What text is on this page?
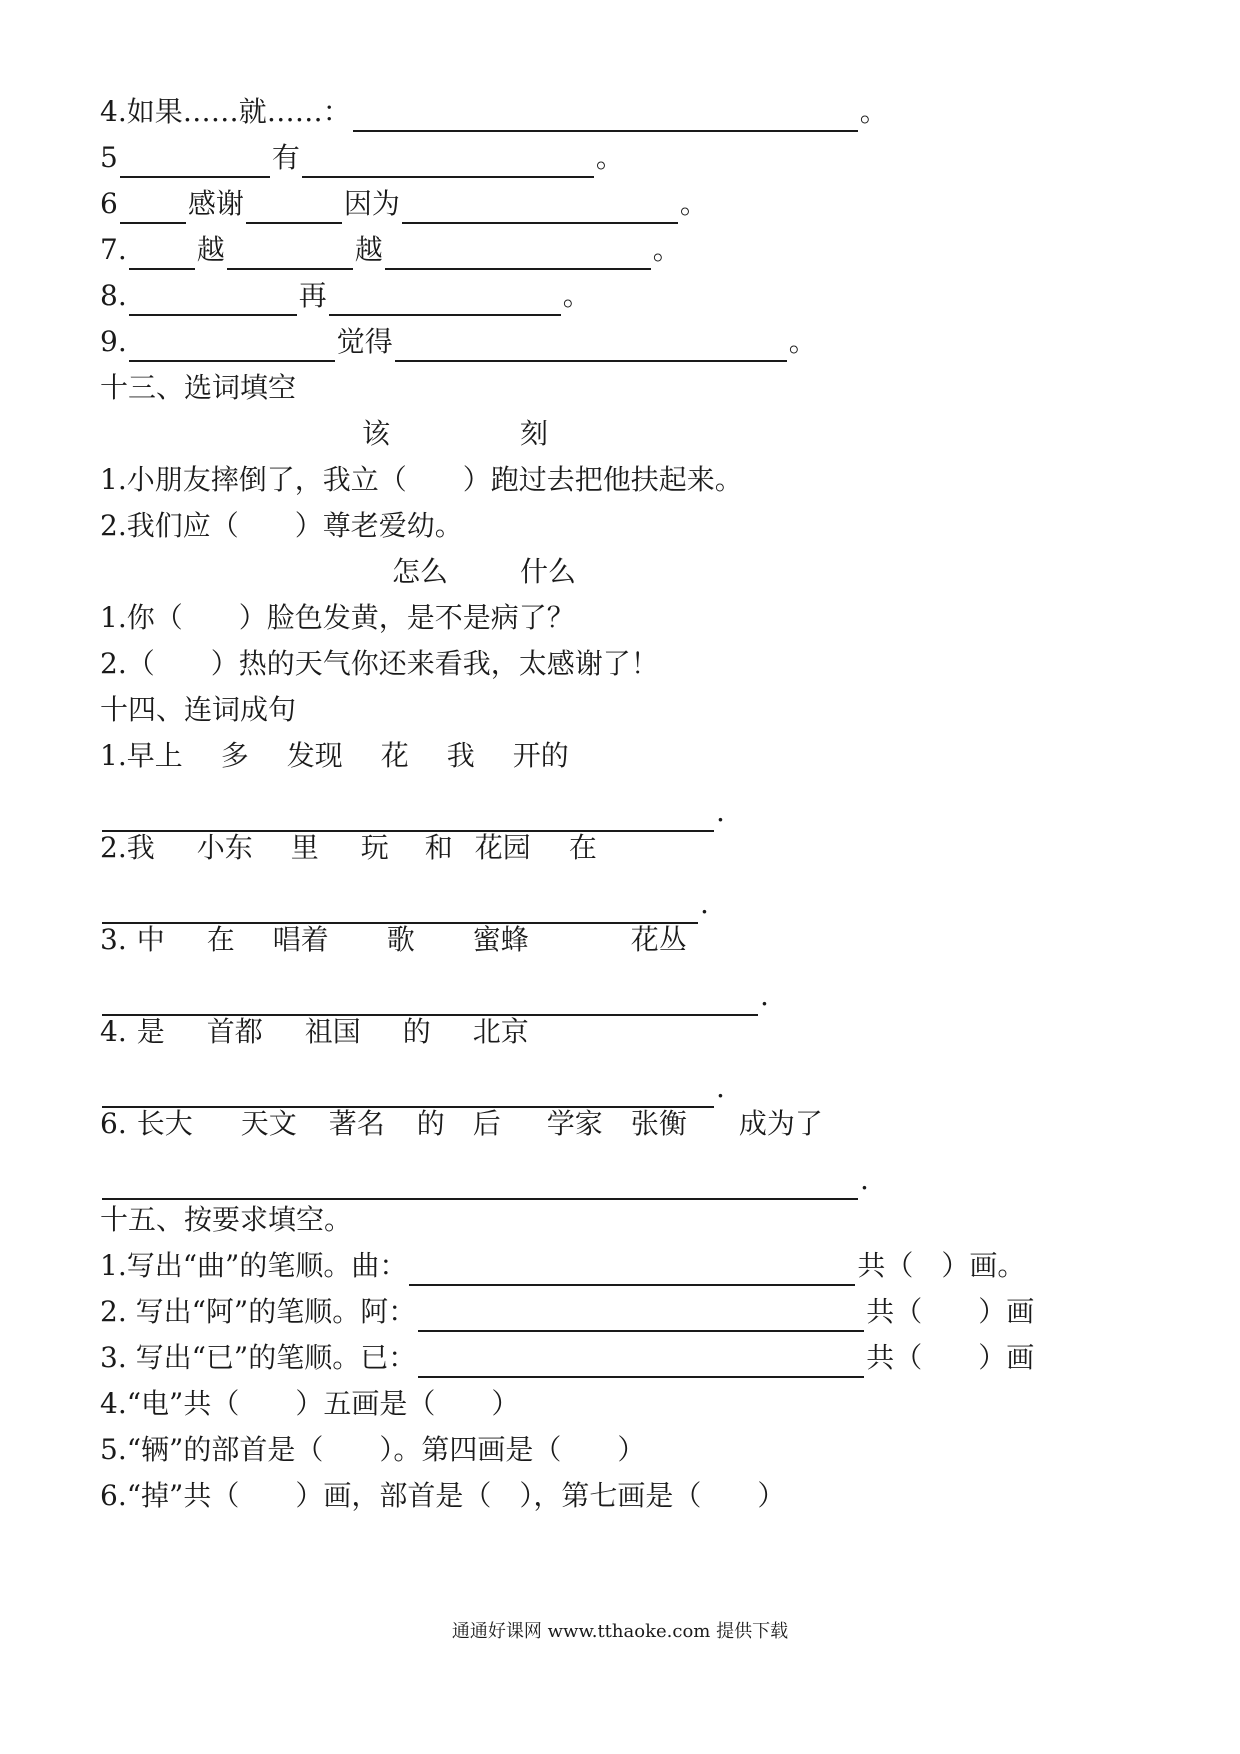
4.如果……就……：	。
5	有	。
6	感谢	因为	。
7.	越	越	。
8.	再	。
9.	觉得	。
十三、选词填空
该	刻
1.小朋友摔倒了，我立（　　）跑过去把他扶起来。
2.我们应（　　）尊老爱幼。
怎么	什么
1.你（　　）脸色发黄，是不是病了？
2.（　　）热的天气你还来看我，太感谢了！
十四、连词成句
1. 早上 多 发现 花 我 开的
.
2. 我 小东 里 玩 和 花园 在
.
3. 中 在 唱着 歌 蜜蜂	花丛
.
4. 是 首都 祖国 的 北京
.
6. 长大 天文 著名 的 后 学家 张衡 成为了
.
十五、按要求填空。
1.写出“曲”的笔顺。曲：	共（　）画。
2. 写出“阿”的笔顺。阿：	共（　　）画
3. 写出“已”的笔顺。已：	共（　　）画
4.“电”共（　　）五画是（　　）
5.“辆”的部首是（　　）。第四画是（　　）
6.“掉”共（　　）画，部首是（　），第七画是（　　）
通通好课网 www.tthaoke.com 提供下载
